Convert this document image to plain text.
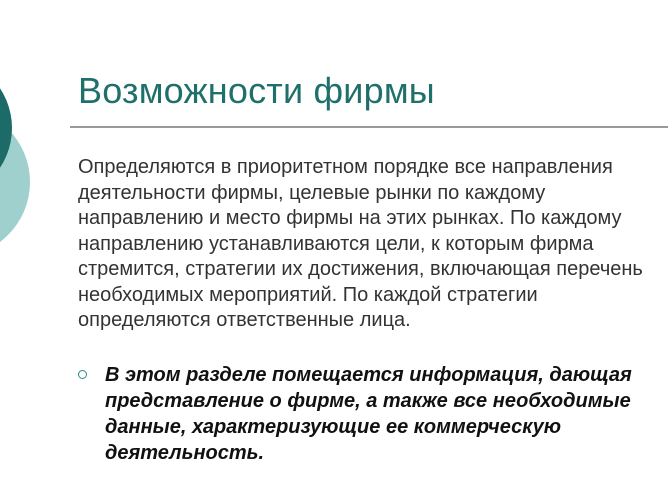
Возможности фирмы

Определяются в приоритетном порядке все направления деятельности фирмы, целевые рынки по каждому направлению и место фирмы на этих рынках. По каждому направлению устанавливаются цели, к которым фирма стремится, стратегии их достижения, включающая перечень необходимых мероприятий. По каждой стратегии определяются ответственные лица.

В этом разделе помещается информация, дающая представление о фирме, а также все необходимые данные, характеризующие ее коммерческую деятельность.
